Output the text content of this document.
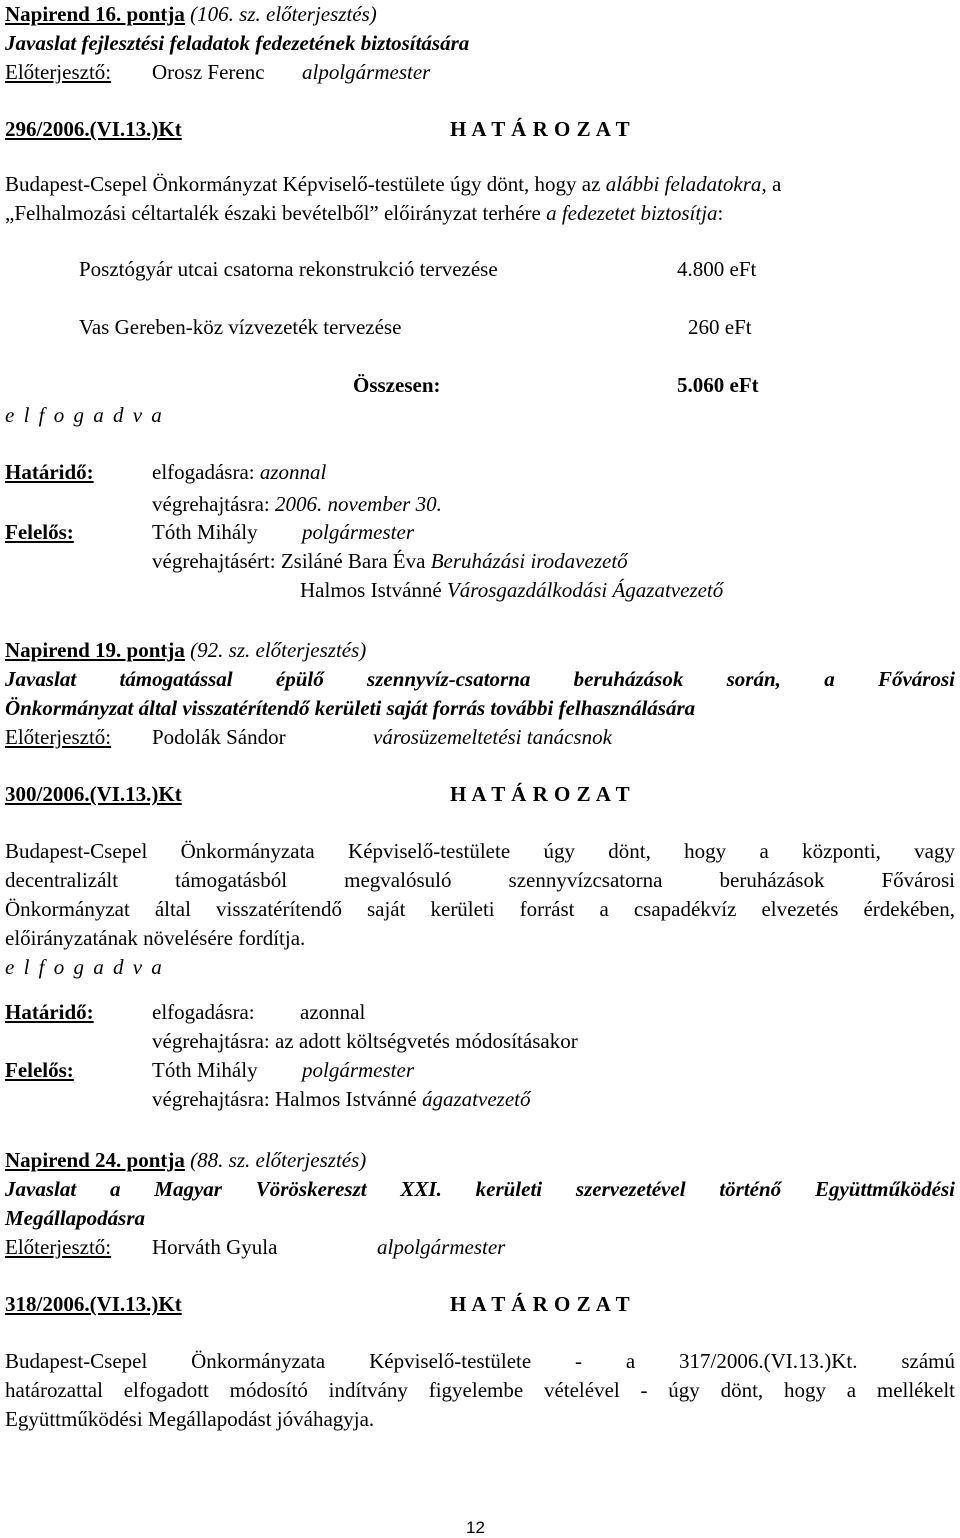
Napirend 16. pontja (106. sz. előterjesztés)
Javaslat fejlesztési feladatok fedezetének biztosítására
Előterjesztő: Orosz Ferenc alpolgármester
296/2006.(VI.13.)Kt	H A T Á R O Z A T
Budapest-Csepel Önkormányzat Képviselő-testülete úgy dönt, hogy az alábbi feladatokra, a
„Felhalmozási céltartalék északi bevételből” előirányzat terhére a fedezetet biztosítja:
Posztógyár utcai csatorna rekonstrukció tervezése	4.800 eFt
Vas Gereben-köz vízvezeték tervezése	260 eFt
Összesen:	5.060 eFt
e l f o g a d v a
Határidő:	elfogadásra: azonnal
végrehajtásra: 2006. november 30.
Felelős:	Tóth Mihály polgármester
végrehajtásért: Zsiláné Bara Éva Beruházási irodavezető
Halmos Istvánné Városgazdálkodási Ágazatvezető
Napirend 19. pontja (92. sz. előterjesztés)
Javaslat támogatással épülő szennyvíz-csatorna beruházások során, a Fővárosi
Önkormányzat által visszatérítendő kerületi saját forrás további felhasználására
Előterjesztő: Podolák Sándor	városüzemeltetési tanácsnok
300/2006.(VI.13.)Kt	H A T Á R O Z A T
Budapest-Csepel Önkormányzata Képviselő-testülete úgy dönt, hogy a központi, vagy
decentralizált támogatásból megvalósuló szennyvízcsatorna beruházások Fővárosi
Önkormányzat által visszatérítendő saját kerületi forrást a csapadékvíz elvezetés érdekében,
előirányzatának növelésére fordítja.
e l f o g a d v a
Határidő:	elfogadásra: azonnal
végrehajtásra: az adott költségvetés módosításakor
Felelős:	Tóth Mihály polgármester
végrehajtásra: Halmos Istvánné ágazatvezető
Napirend 24. pontja (88. sz. előterjesztés)
Javaslat a Magyar Vöröskereszt XXI. kerületi szervezetével történő Együttműködési
Megállapodásra
Előterjesztő: Horváth Gyula	alpolgármester
318/2006.(VI.13.)Kt	H A T Á R O Z A T
Budapest-Csepel Önkormányzata Képviselő-testülete - a 317/2006.(VI.13.)Kt. számú
határozattal elfogadott módosító indítvány figyelembe vételével - úgy dönt, hogy a mellékelt
Együttműködési Megállapodást jóváhagyja.
12
